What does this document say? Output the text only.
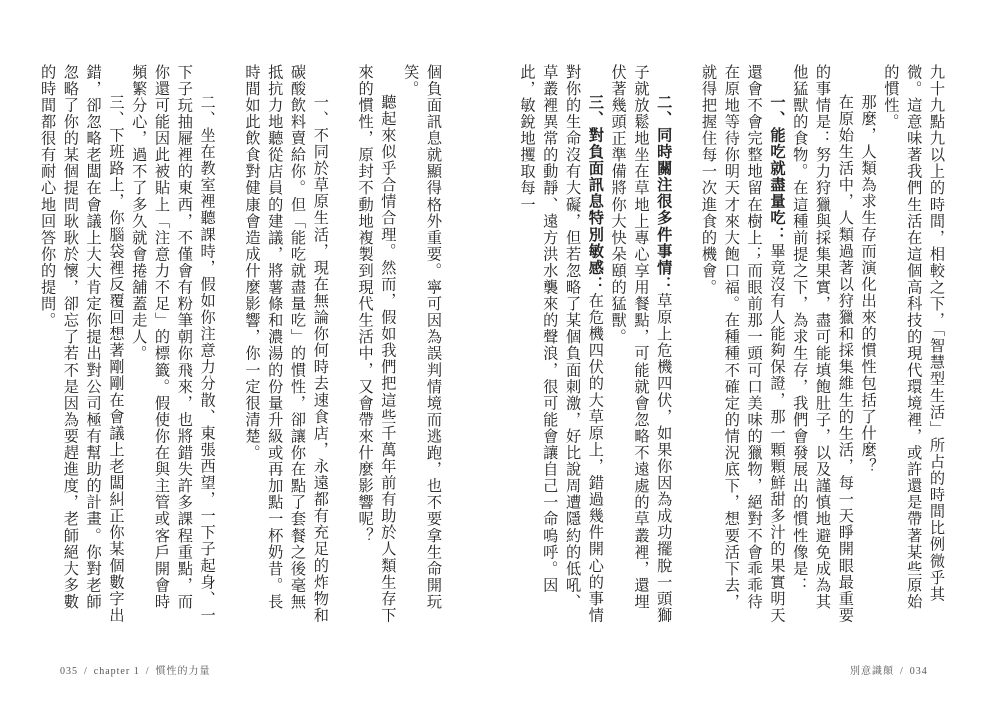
九十九點九以上的時間，相較之下，「智慧型生活」所占的時間比例微乎其微。這意味著我們生活在這個高科技的現代環境裡，或許還是帶著某些原始的慣性。

那麼，人類為求生存而演化出來的慣性包括了什麼？

在原始生活中，人類過著以狩獵和採集維生的生活，每一天睜開眼最重要的事情是：努力狩獵與採集果實，盡可能填飽肚子，以及謹慎地避免成為其他猛獸的食物。在這種前提之下，為求生存，我們會發展出的慣性像是：

一、能吃就盡量吃：畢竟沒有人能夠保證，那一顆顆鮮甜多汁的果實明天還會不會完整地留在樹上；而眼前那一頭可口美味的獵物，絕對不會乖乖待在原地等待你明天才來大飽口福。在種種不確定的情況底下，想要活下去，就得把握住每一次進食的機會。

二、同時關注很多件事情：草原上危機四伏，如果你因為成功擺脫一頭獅子就放鬆地坐在草地上專心享用餐點，可能就會忽略不遠處的草叢裡，還埋伏著幾頭正準備將你大快朵頤的猛獸。

三、對負面訊息特別敏感：在危機四伏的大草原上，錯過幾件開心的事情對你的生命沒有大礙，但若忽略了某個負面刺激，好比說周遭隱約的低吼、草叢裡異常的動靜、遠方洪水襲來的聲浪，很可能會讓自己一命嗚呼。因此，敏銳地攫取每一

個負面訊息就顯得格外重要。寧可因為誤判情境而逃跑，也不要拿生命開玩笑。

聽起來似乎合情合理。然而，假如我們把這些千萬年前有助於人類生存下來的慣性，原封不動地複製到現代生活中，又會帶來什麼影響呢？

一、不同於草原生活，現在無論你何時去速食店，永遠都有充足的炸物和碳酸飲料賣給你。但「能吃就盡量吃」的慣性，卻讓你在點了套餐之後毫無抵抗力地聽從店員的建議，將薯條和濃湯的份量升級或再加點一杯奶昔。長時間如此飲食對健康會造成什麼影響，你一定很清楚。

二、坐在教室裡聽課時，假如你注意力分散、東張西望，一下子起身、一下子玩抽屜裡的東西，不僅會有粉筆朝你飛來，也將錯失許多課程重點，而你還可能因此被貼上「注意力不足」的標籤。假使你在與主管或客戶開會時頻繁分心，過不了多久就會捲舖蓋走人。

三、下班路上，你腦袋裡反覆回想著剛剛在會議上老闆糾正你某個數字出錯，卻忽略老闆在會議上大大肯定你提出對公司極有幫助的計畫。你對老師忽略了你的某個提問耿耿於懷，卻忘了若不是因為要趕進度，老師絕大多數的時間都很有耐心地回答你的提問。

035 / chapter 1 / 慣性的力量	別意識顛 / 034
